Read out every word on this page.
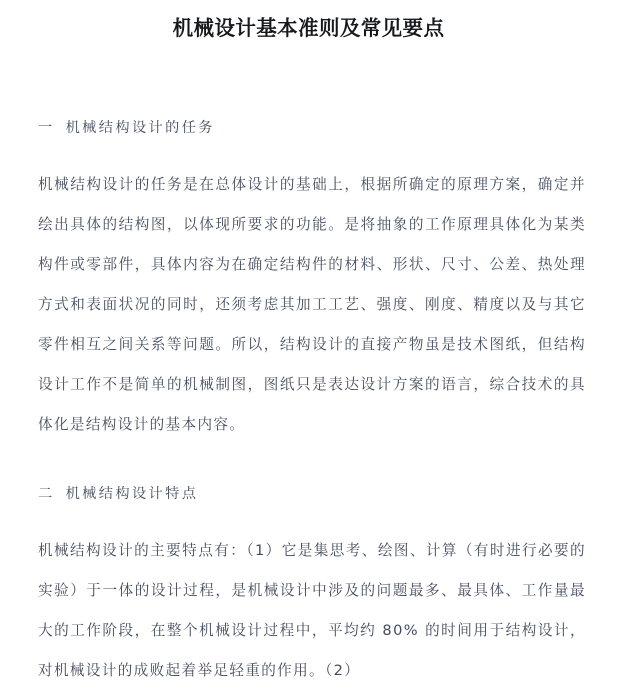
机械设计基本准则及常见要点
一 机械结构设计的任务
机械结构设计的任务是在总体设计的基础上，根据所确定的原理方案，确定并绘出具体的结构图，以体现所要求的功能。是将抽象的工作原理具体化为某类构件或零部件，具体内容为在确定结构件的材料、形状、尺寸、公差、热处理方式和表面状况的同时，还须考虑其加工工艺、强度、刚度、精度以及与其它零件相互之间关系等问题。所以，结构设计的直接产物虽是技术图纸，但结构设计工作不是简单的机械制图，图纸只是表达设计方案的语言，综合技术的具体化是结构设计的基本内容。
二 机械结构设计特点
机械结构设计的主要特点有：（1）它是集思考、绘图、计算（有时进行必要的实验）于一体的设计过程，是机械设计中涉及的问题最多、最具体、工作量最大的工作阶段，在整个机械设计过程中，平均约 80% 的时间用于结构设计，对机械设计的成败起着举足轻重的作用。（2）
